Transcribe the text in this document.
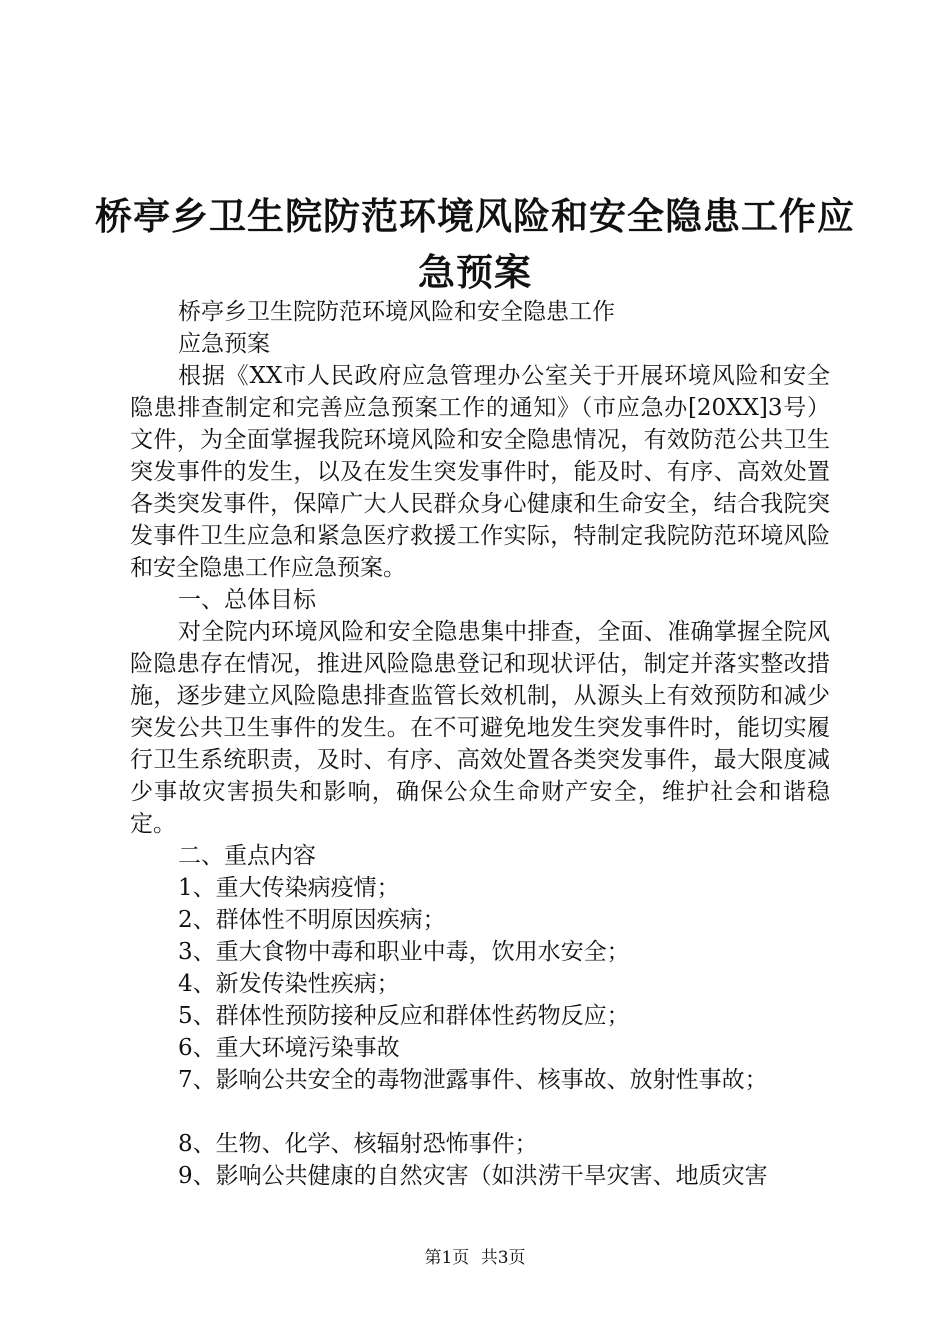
桥亭乡卫生院防范环境风险和安全隐患工作应
急预案

桥亭乡卫生院防范环境风险和安全隐患工作

应急预案

根据《XX市人民政府应急管理办公室关于开展环境风险和安全隐患排查制定和完善应急预案工作的通知》（市应急办[20XX]3号）文件，为全面掌握我院环境风险和安全隐患情况，有效防范公共卫生突发事件的发生，以及在发生突发事件时，能及时、有序、高效处置各类突发事件，保障广大人民群众身心健康和生命安全，结合我院突发事件卫生应急和紧急医疗救援工作实际，特制定我院防范环境风险和安全隐患工作应急预案。

一、总体目标

对全院内环境风险和安全隐患集中排查，全面、准确掌握全院风险隐患存在情况，推进风险隐患登记和现状评估，制定并落实整改措施，逐步建立风险隐患排查监管长效机制，从源头上有效预防和减少突发公共卫生事件的发生。在不可避免地发生突发事件时，能切实履行卫生系统职责，及时、有序、高效处置各类突发事件，最大限度减少事故灾害损失和影响，确保公众生命财产安全，维护社会和谐稳定。

二、重点内容

1、重大传染病疫情；

2、群体性不明原因疾病；

3、重大食物中毒和职业中毒，饮用水安全；

4、新发传染性疾病；

5、群体性预防接种反应和群体性药物反应；

6、重大环境污染事故

7、影响公共安全的毒物泄露事件、核事故、放射性事故；

8、生物、化学、核辐射恐怖事件；

9、影响公共健康的自然灾害（如洪涝干旱灾害、地质灾害

第1页 共3页
